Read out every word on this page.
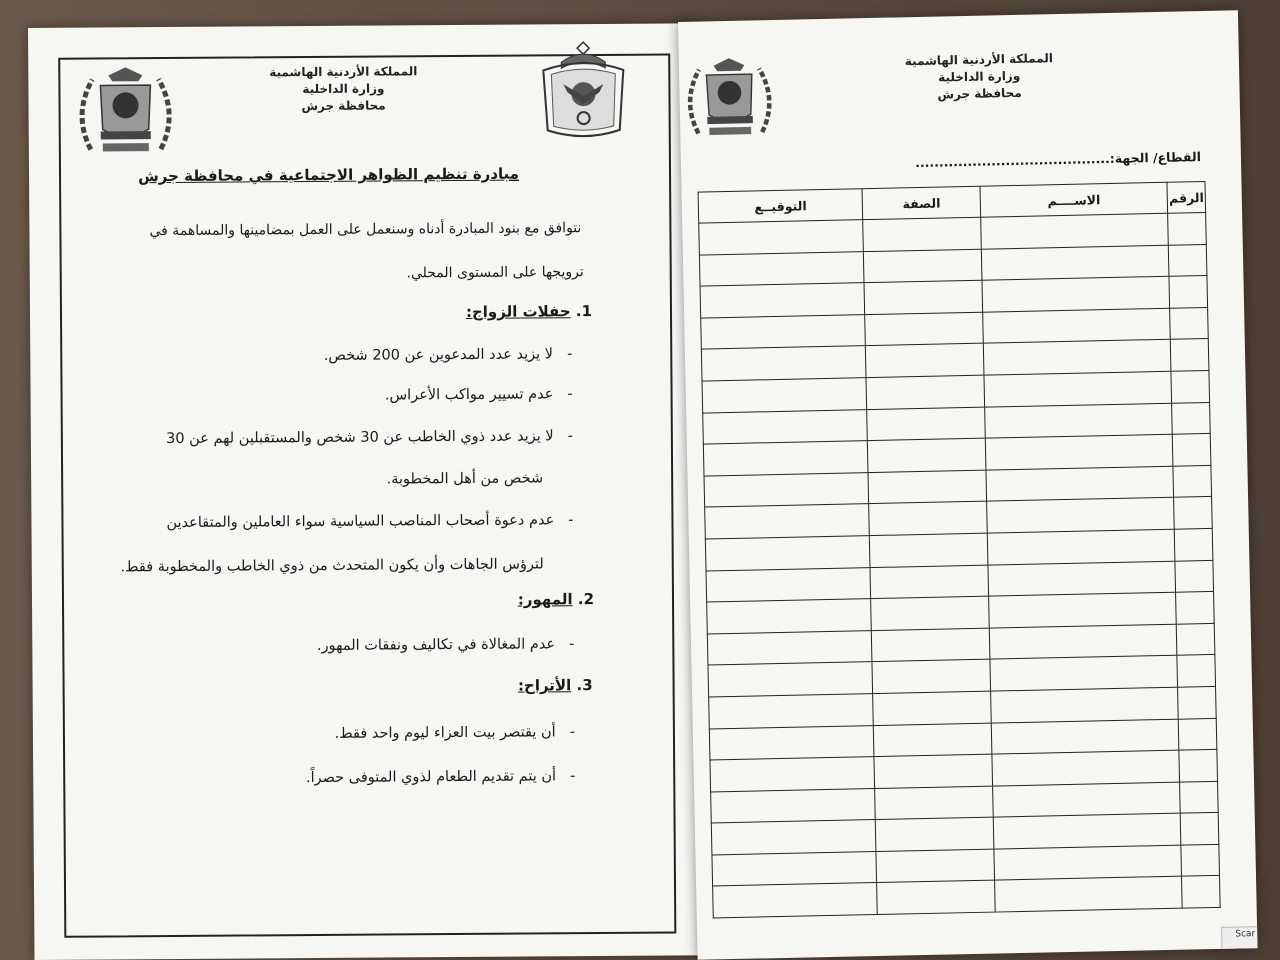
المملكة الأردنية الهاشمية
وزارة الداخلية
محافظة جرش
مبادرة تنظيم الظواهر الاجتماعية في محافظة جرش
نتوافق مع بنود المبادرة أدناه وسنعمل على العمل بمضامينها والمساهمة في
ترويجها على المستوى المحلي.
1. حفلات الزواج:
-لا يزيد عدد المدعوين عن 200 شخص.
-عدم تسيير مواكب الأعراس.
-لا يزيد عدد ذوي الخاطب عن 30 شخص والمستقبلين لهم عن 30
شخص من أهل المخطوبة.
-عدم دعوة أصحاب المناصب السياسية سواء العاملين والمتقاعدين
لترؤس الجاهات وأن يكون المتحدث من ذوي الخاطب والمخطوبة فقط.
2. المهور:
-عدم المغالاة في تكاليف ونفقات المهور.
3. الأتراح:
-أن يقتصر بيت العزاء ليوم واحد فقط.
-أن يتم تقديم الطعام لذوي المتوفى حصراً.
المملكة الأردنية الهاشمية
وزارة الداخلية
محافظة جرش
القطاع/ الجهة:.........................................
الرقم	الاســــم	الصفة	التوقيــع

Scar
